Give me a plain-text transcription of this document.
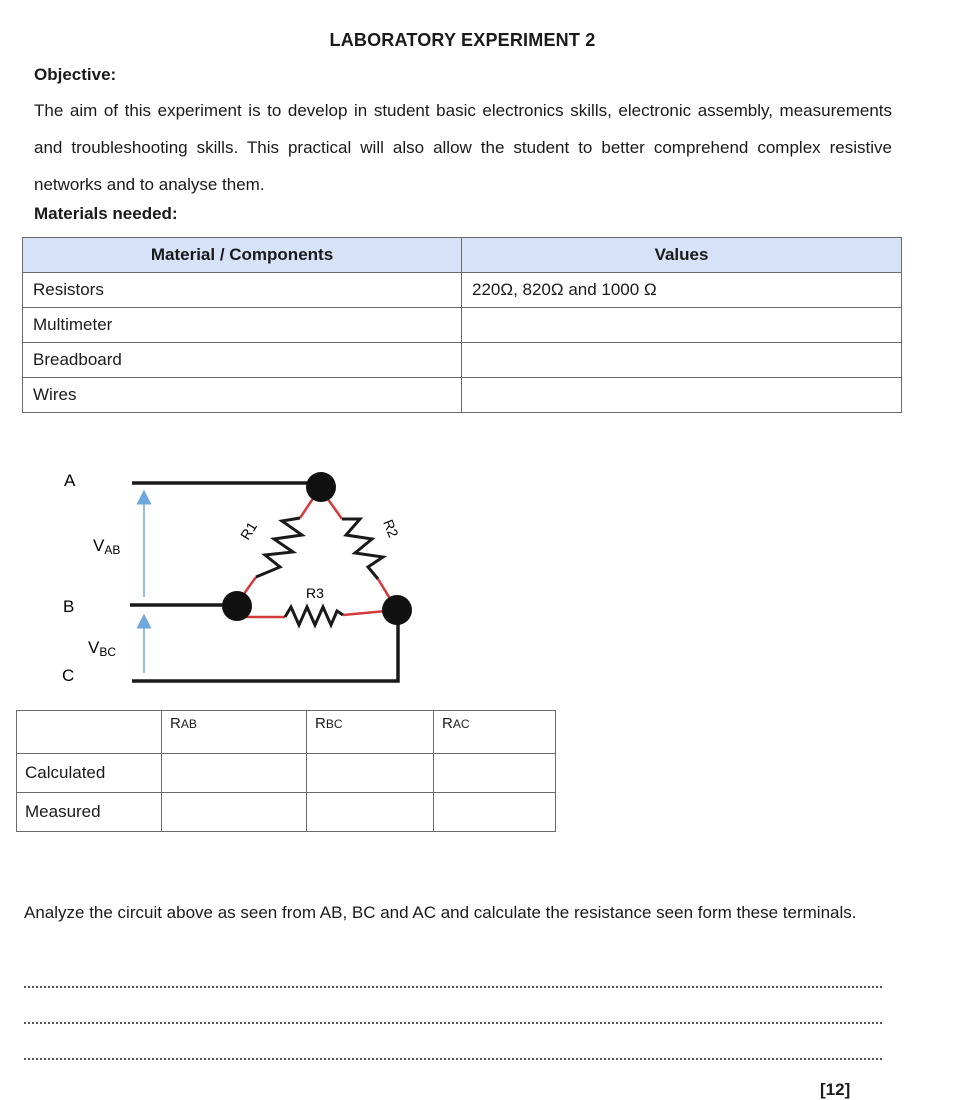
LABORATORY EXPERIMENT 2
Objective:
The aim of this experiment is to develop in student basic electronics skills, electronic assembly, measurements and troubleshooting skills. This practical will also allow the student to better comprehend complex resistive networks and to analyse them.
Materials needed:
Material / Components	Values
Resistors	220Ω, 820Ω and 1000 Ω
Multimeter	
Breadboard	
Wires	
A
B
C
VAB
VBC
R1	R2
R3
	RAB	RBC	RAC
Calculated			
Measured			
Analyze the circuit above as seen from AB, BC and AC and calculate the resistance seen form these terminals.
[12]
